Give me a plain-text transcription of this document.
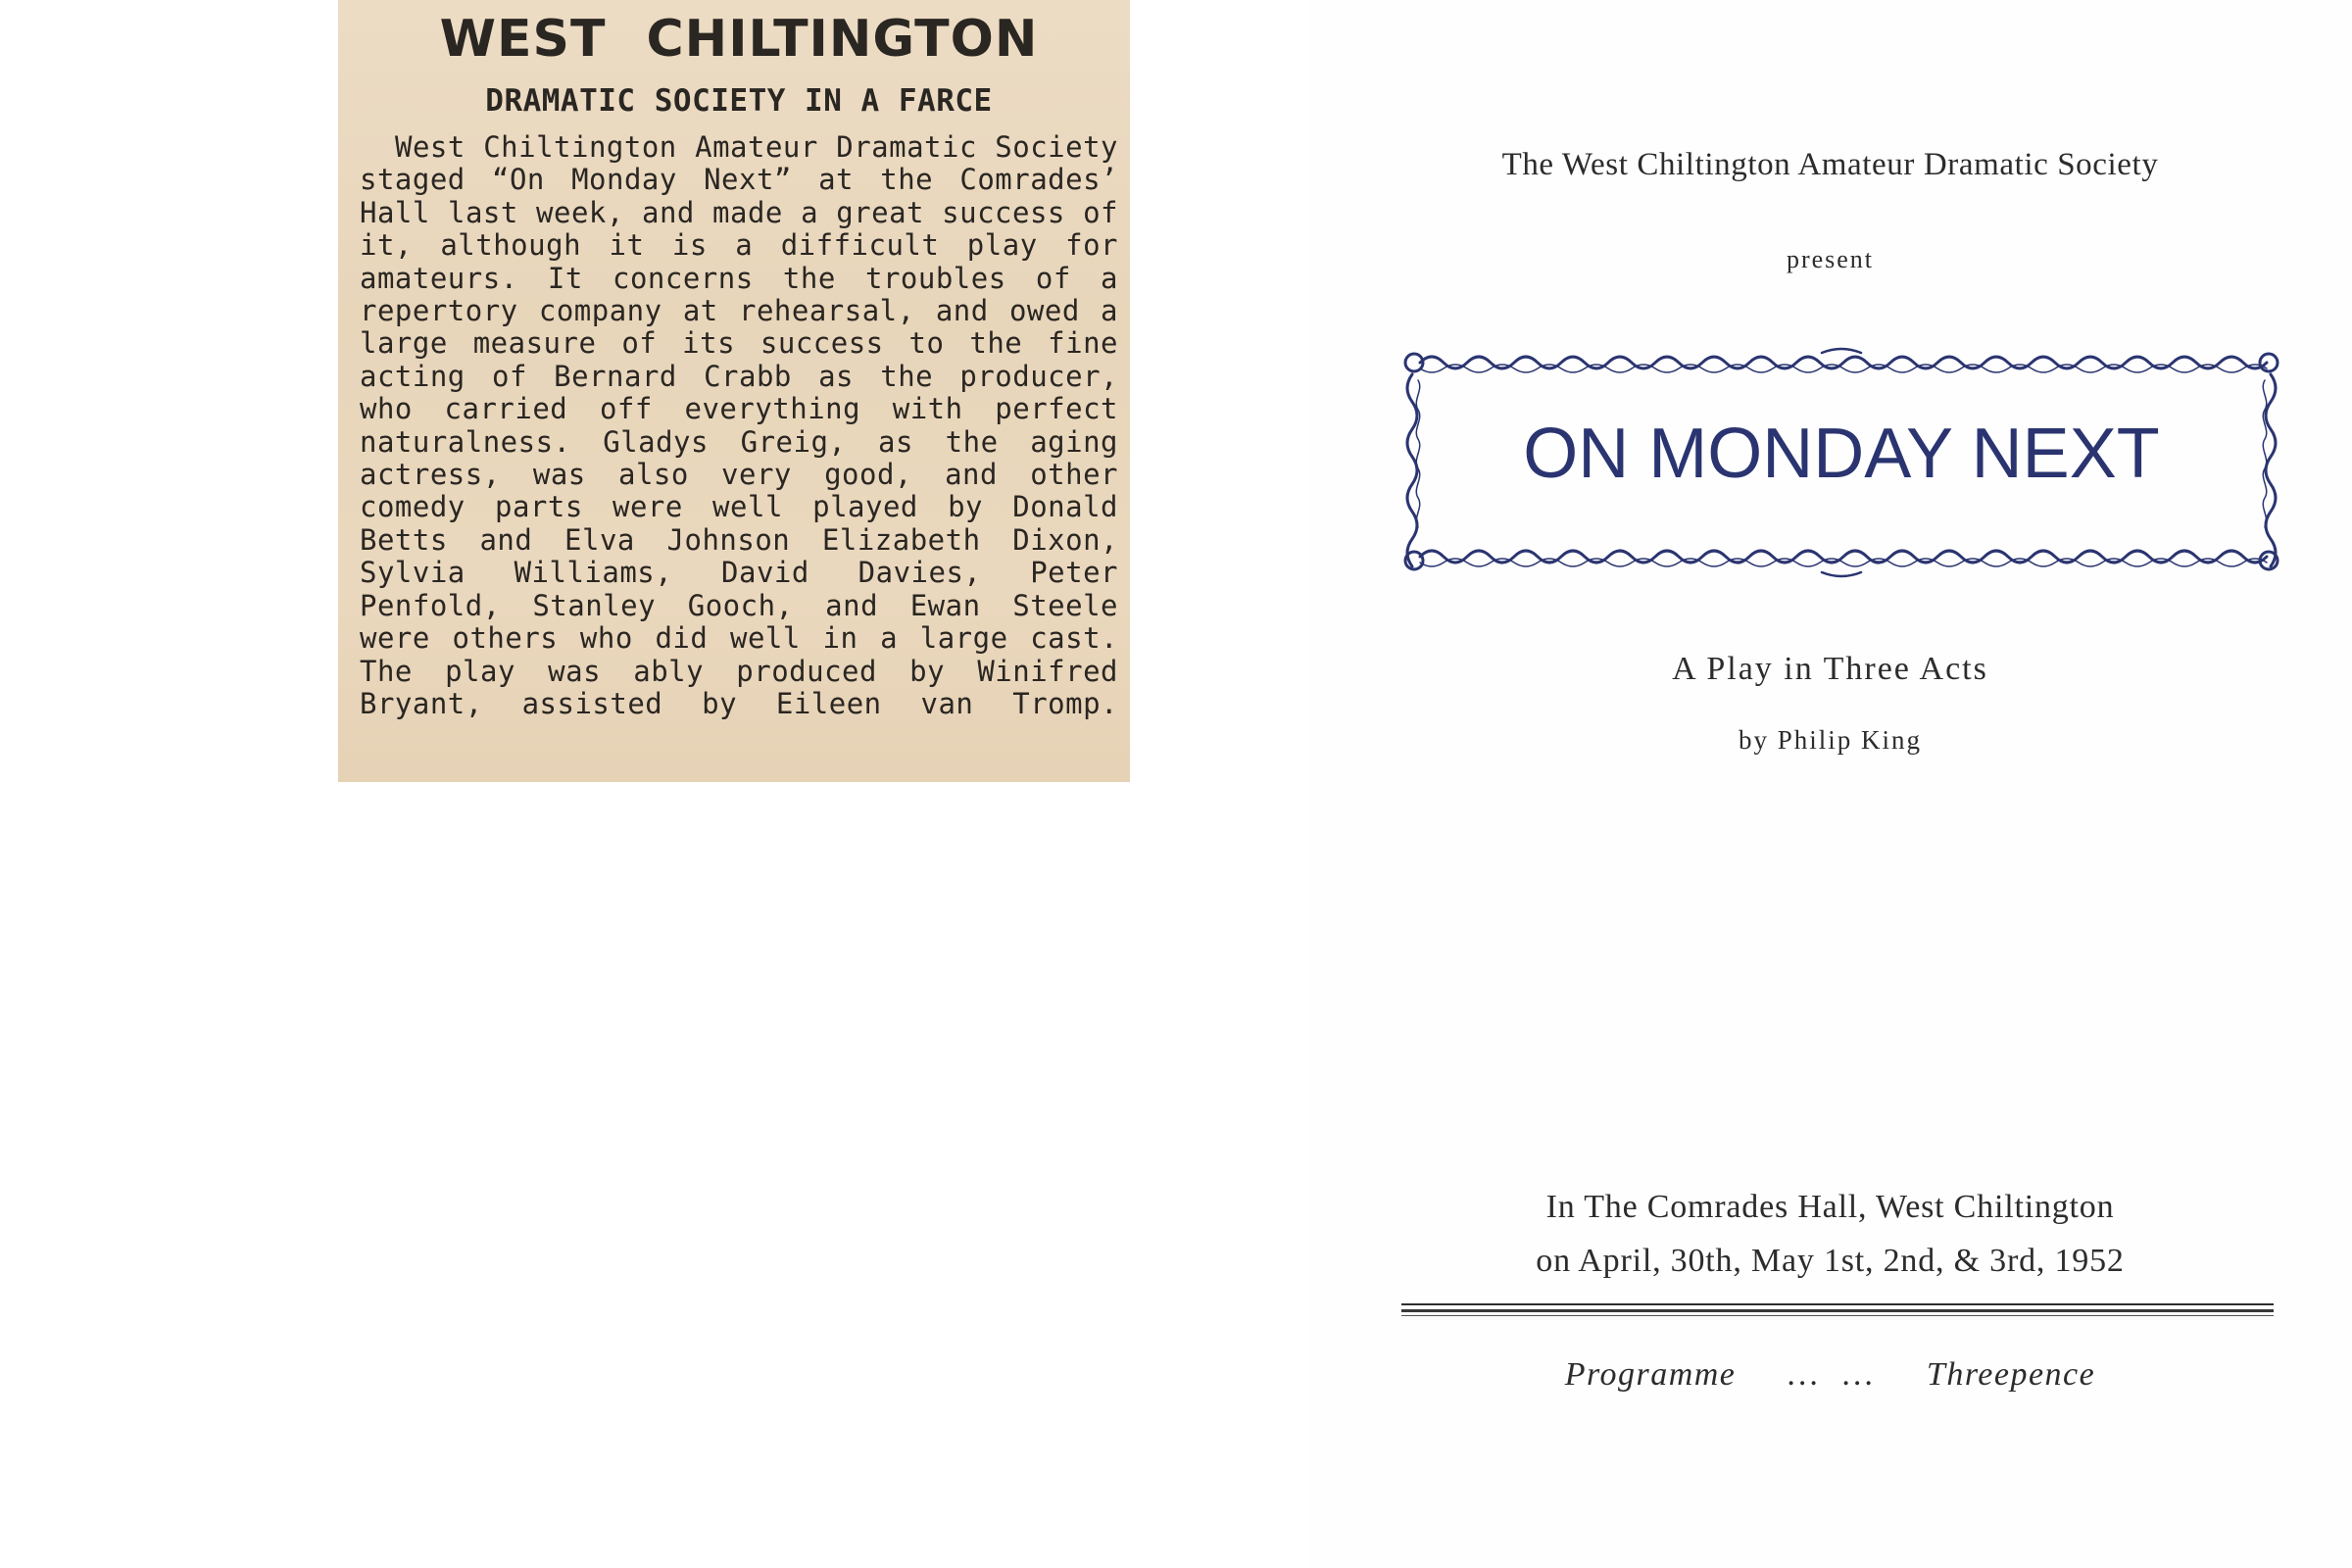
WEST CHILTINGTON
DRAMATIC SOCIETY IN A FARCE

West Chiltington Amateur Dramatic Society staged “On Monday Next” at the Comrades’ Hall last week, and made a great success of it, although it is a difficult play for amateurs. It concerns the troubles of a repertory company at rehearsal, and owed a large measure of its success to the fine acting of Bernard Crabb as the producer, who carried off everything with perfect naturalness. Gladys Greig, as the aging actress, was also very good, and other comedy parts were well played by Donald Betts and Elva Johnson Elizabeth Dixon, Sylvia Williams, David Davies, Peter Penfold, Stanley Gooch, and Ewan Steele were others who did well in a large cast. The play was ably produced by Winifred Bryant, assisted by Eileen van Tromp.

The West Chiltington Amateur Dramatic Society

present

ON MONDAY NEXT

A Play in Three Acts

by Philip King

In The Comrades Hall, West Chiltington

on April, 30th, May 1st, 2nd, & 3rd, 1952

Programme ... ... Threepence
